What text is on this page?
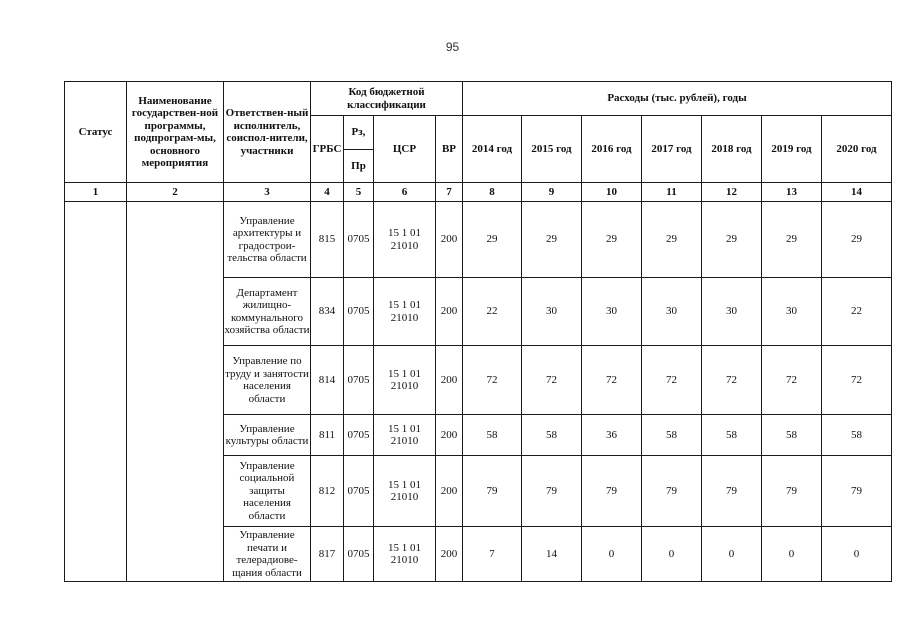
95
Статус	Наименование государствен-ной программы, подпрограм-мы, основного мероприятия	Ответствен-ный исполнитель, соиспол-нители, участники	Код бюджетной классификации				Расходы (тыс. рублей), годы						
			ГРБС	Рз,	ЦСР	ВР	2014 год	2015 год	2016 год	2017 год	2018 год	2019 год	2020 год
				Пр									
1	2	3	4	5	6	7	8	9	10	11	12	13	14
		Управление архитектуры и градострои-тельства области	815	0705	15 1 01 21010	200	29	29	29	29	29	29	29
		Департамент жилищно-коммунального хозяйства области	834	0705	15 1 01 21010	200	22	30	30	30	30	30	22
		Управление по труду и занятости населения области	814	0705	15 1 01 21010	200	72	72	72	72	72	72	72
		Управление культуры области	811	0705	15 1 01 21010	200	58	58	36	58	58	58	58
		Управление социальной защиты населения области	812	0705	15 1 01 21010	200	79	79	79	79	79	79	79
		Управление печати и телерадиове-щания области	817	0705	15 1 01 21010	200	7	14	0	0	0	0	0
